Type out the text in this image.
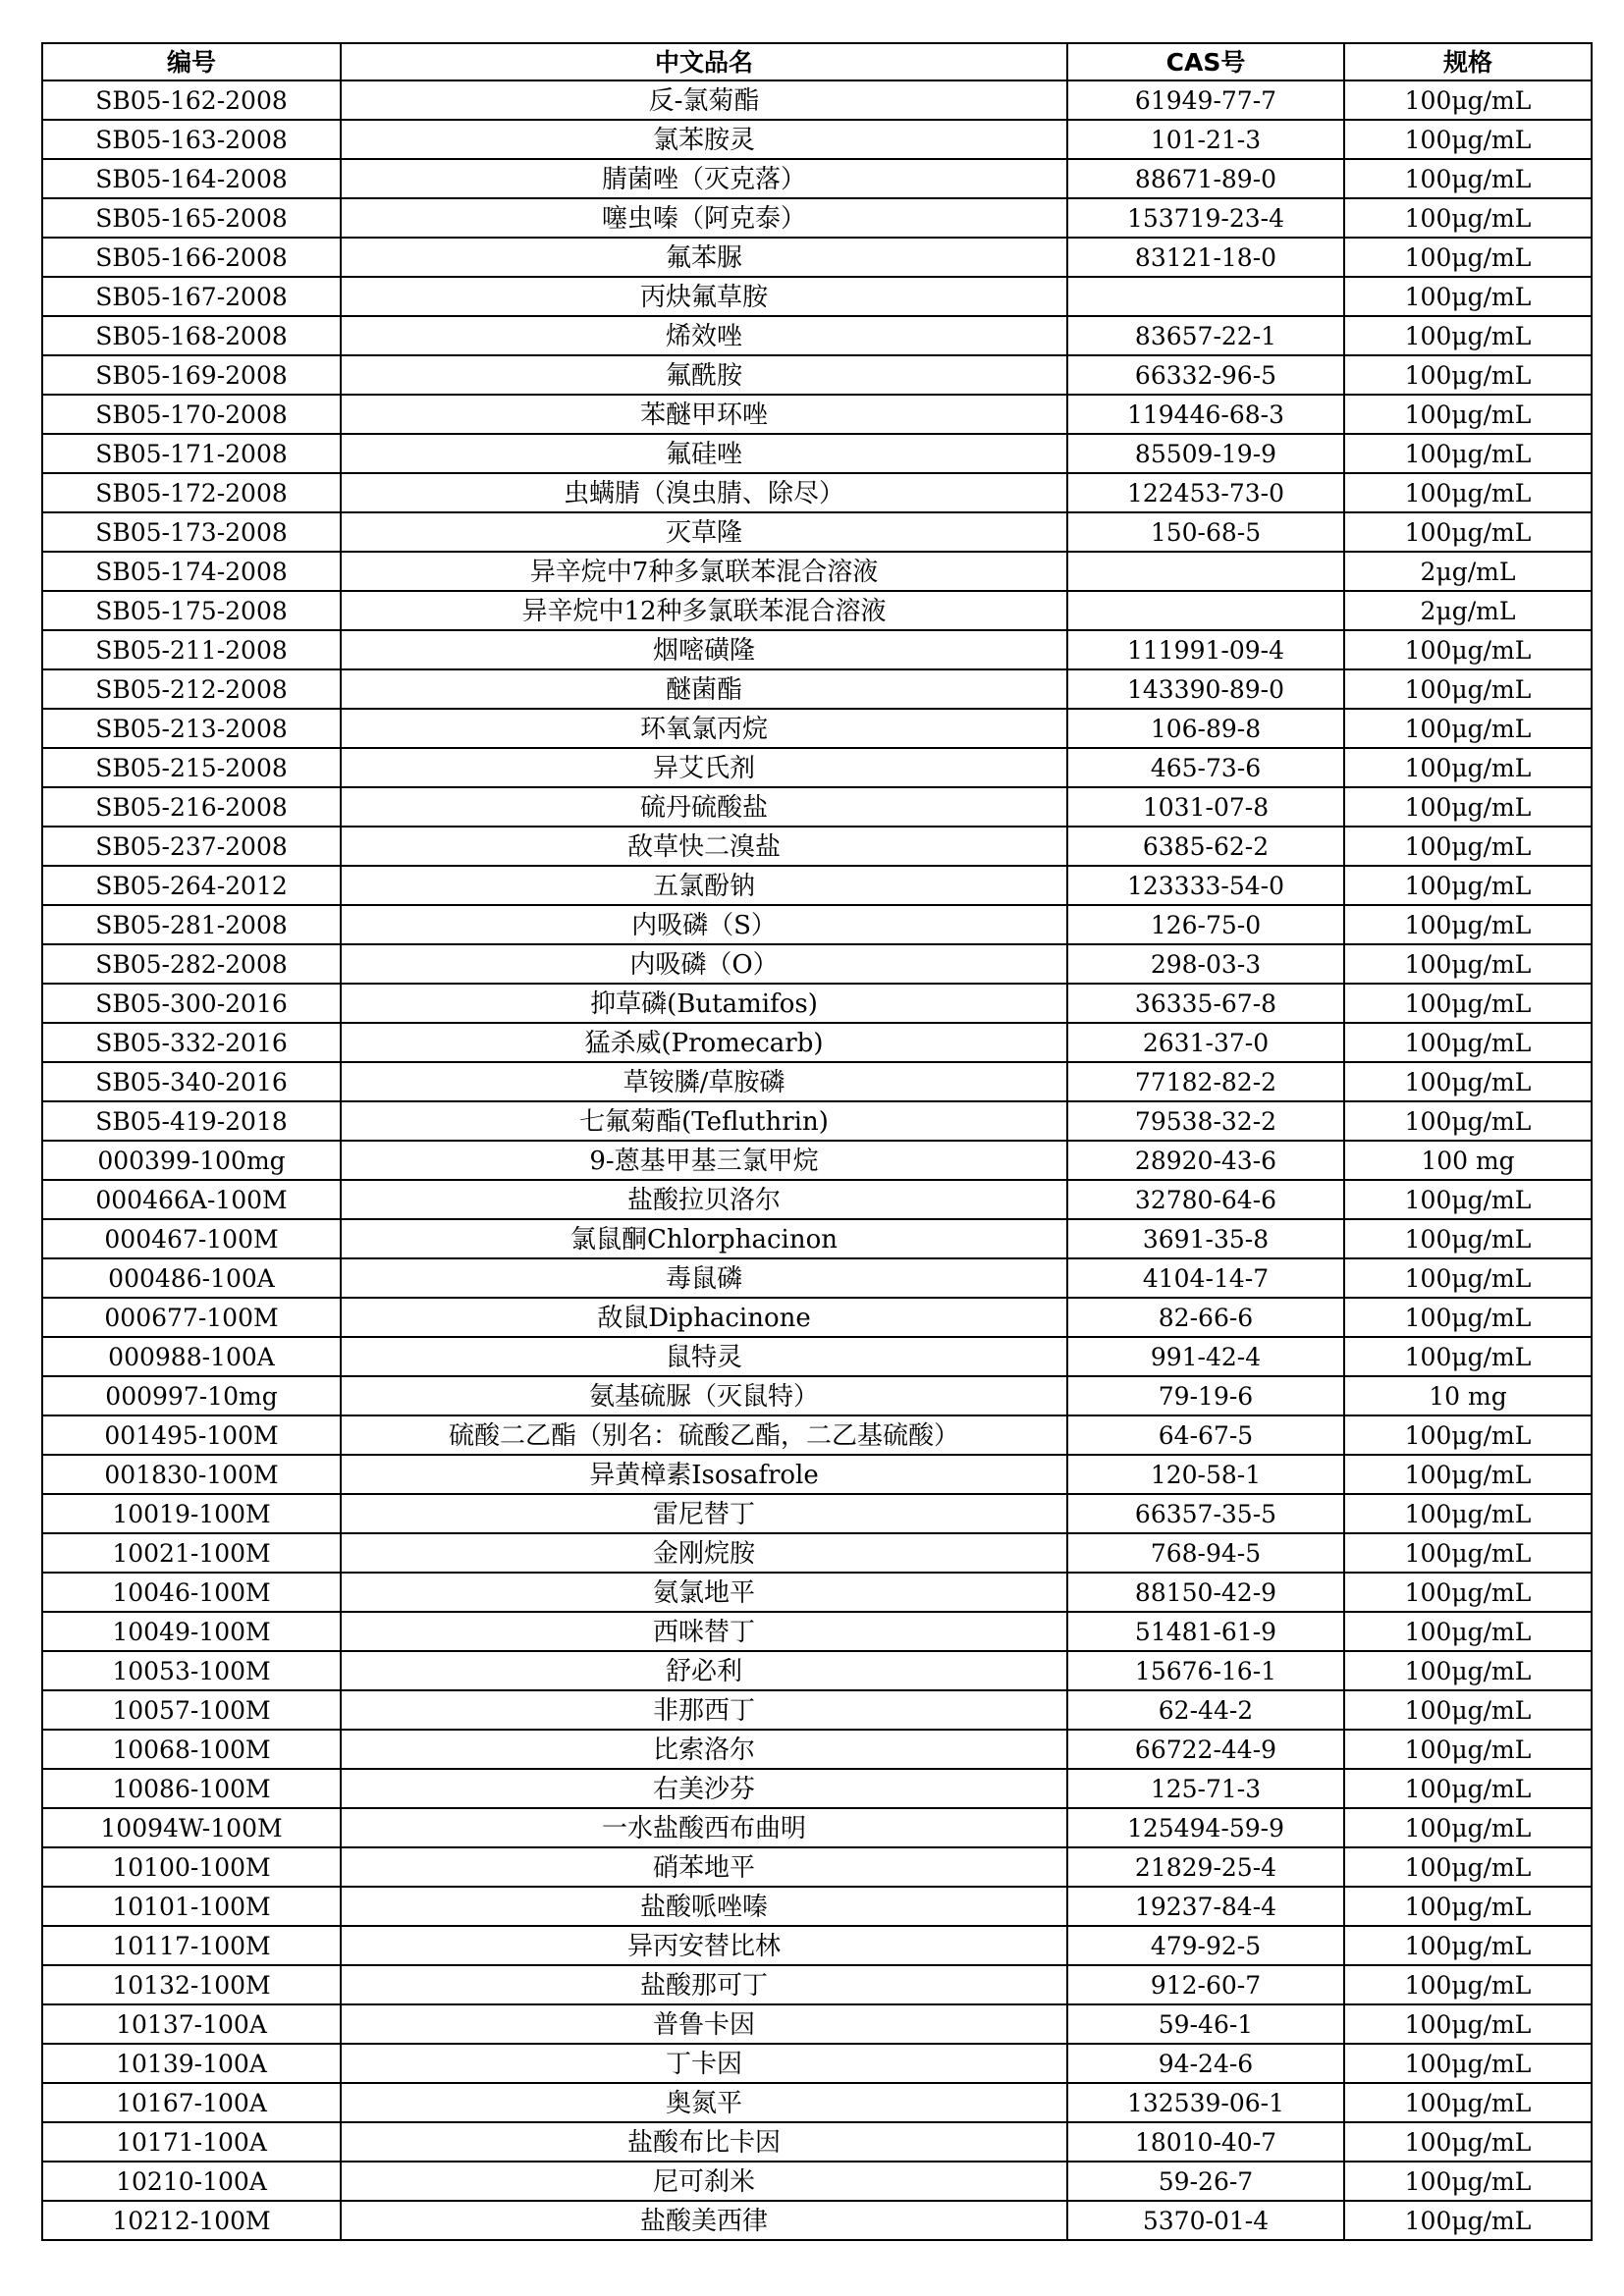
编号	中文品名	CAS号	规格
SB05-162-2008	反-氯菊酯	61949-77-7	100μg/mL
SB05-163-2008	氯苯胺灵	101-21-3	100μg/mL
SB05-164-2008	腈菌唑（灭克落）	88671-89-0	100μg/mL
SB05-165-2008	噻虫嗪（阿克泰）	153719-23-4	100μg/mL
SB05-166-2008	氟苯脲	83121-18-0	100μg/mL
SB05-167-2008	丙炔氟草胺		100μg/mL
SB05-168-2008	烯效唑	83657-22-1	100μg/mL
SB05-169-2008	氟酰胺	66332-96-5	100μg/mL
SB05-170-2008	苯醚甲环唑	119446-68-3	100μg/mL
SB05-171-2008	氟硅唑	85509-19-9	100μg/mL
SB05-172-2008	虫螨腈（溴虫腈、除尽）	122453-73-0	100μg/mL
SB05-173-2008	灭草隆	150-68-5	100μg/mL
SB05-174-2008	异辛烷中7种多氯联苯混合溶液		2μg/mL
SB05-175-2008	异辛烷中12种多氯联苯混合溶液		2μg/mL
SB05-211-2008	烟嘧磺隆	111991-09-4	100μg/mL
SB05-212-2008	醚菌酯	143390-89-0	100μg/mL
SB05-213-2008	环氧氯丙烷	106-89-8	100μg/mL
SB05-215-2008	异艾氏剂	465-73-6	100μg/mL
SB05-216-2008	硫丹硫酸盐	1031-07-8	100μg/mL
SB05-237-2008	敌草快二溴盐	6385-62-2	100μg/mL
SB05-264-2012	五氯酚钠	123333-54-0	100μg/mL
SB05-281-2008	内吸磷（S）	126-75-0	100μg/mL
SB05-282-2008	内吸磷（O）	298-03-3	100μg/mL
SB05-300-2016	抑草磷(Butamifos)	36335-67-8	100μg/mL
SB05-332-2016	猛杀威(Promecarb)	2631-37-0	100μg/mL
SB05-340-2016	草铵膦/草胺磷	77182-82-2	100μg/mL
SB05-419-2018	七氟菊酯(Tefluthrin)	79538-32-2	100μg/mL
000399-100mg	9-蒽基甲基三氯甲烷	28920-43-6	100 mg
000466A-100M	盐酸拉贝洛尔	32780-64-6	100μg/mL
000467-100M	氯鼠酮Chlorphacinon	3691-35-8	100μg/mL
000486-100A	毒鼠磷	4104-14-7	100μg/mL
000677-100M	敌鼠Diphacinone	82-66-6	100μg/mL
000988-100A	鼠特灵	991-42-4	100μg/mL
000997-10mg	氨基硫脲（灭鼠特）	79-19-6	10 mg
001495-100M	硫酸二乙酯（别名：硫酸乙酯，二乙基硫酸）	64-67-5	100μg/mL
001830-100M	异黄樟素Isosafrole	120-58-1	100μg/mL
10019-100M	雷尼替丁	66357-35-5	100μg/mL
10021-100M	金刚烷胺	768-94-5	100μg/mL
10046-100M	氨氯地平	88150-42-9	100μg/mL
10049-100M	西咪替丁	51481-61-9	100μg/mL
10053-100M	舒必利	15676-16-1	100μg/mL
10057-100M	非那西丁	62-44-2	100μg/mL
10068-100M	比索洛尔	66722-44-9	100μg/mL
10086-100M	右美沙芬	125-71-3	100μg/mL
10094W-100M	一水盐酸西布曲明	125494-59-9	100μg/mL
10100-100M	硝苯地平	21829-25-4	100μg/mL
10101-100M	盐酸哌唑嗪	19237-84-4	100μg/mL
10117-100M	异丙安替比林	479-92-5	100μg/mL
10132-100M	盐酸那可丁	912-60-7	100μg/mL
10137-100A	普鲁卡因	59-46-1	100μg/mL
10139-100A	丁卡因	94-24-6	100μg/mL
10167-100A	奥氮平	132539-06-1	100μg/mL
10171-100A	盐酸布比卡因	18010-40-7	100μg/mL
10210-100A	尼可刹米	59-26-7	100μg/mL
10212-100M	盐酸美西律	5370-01-4	100μg/mL
